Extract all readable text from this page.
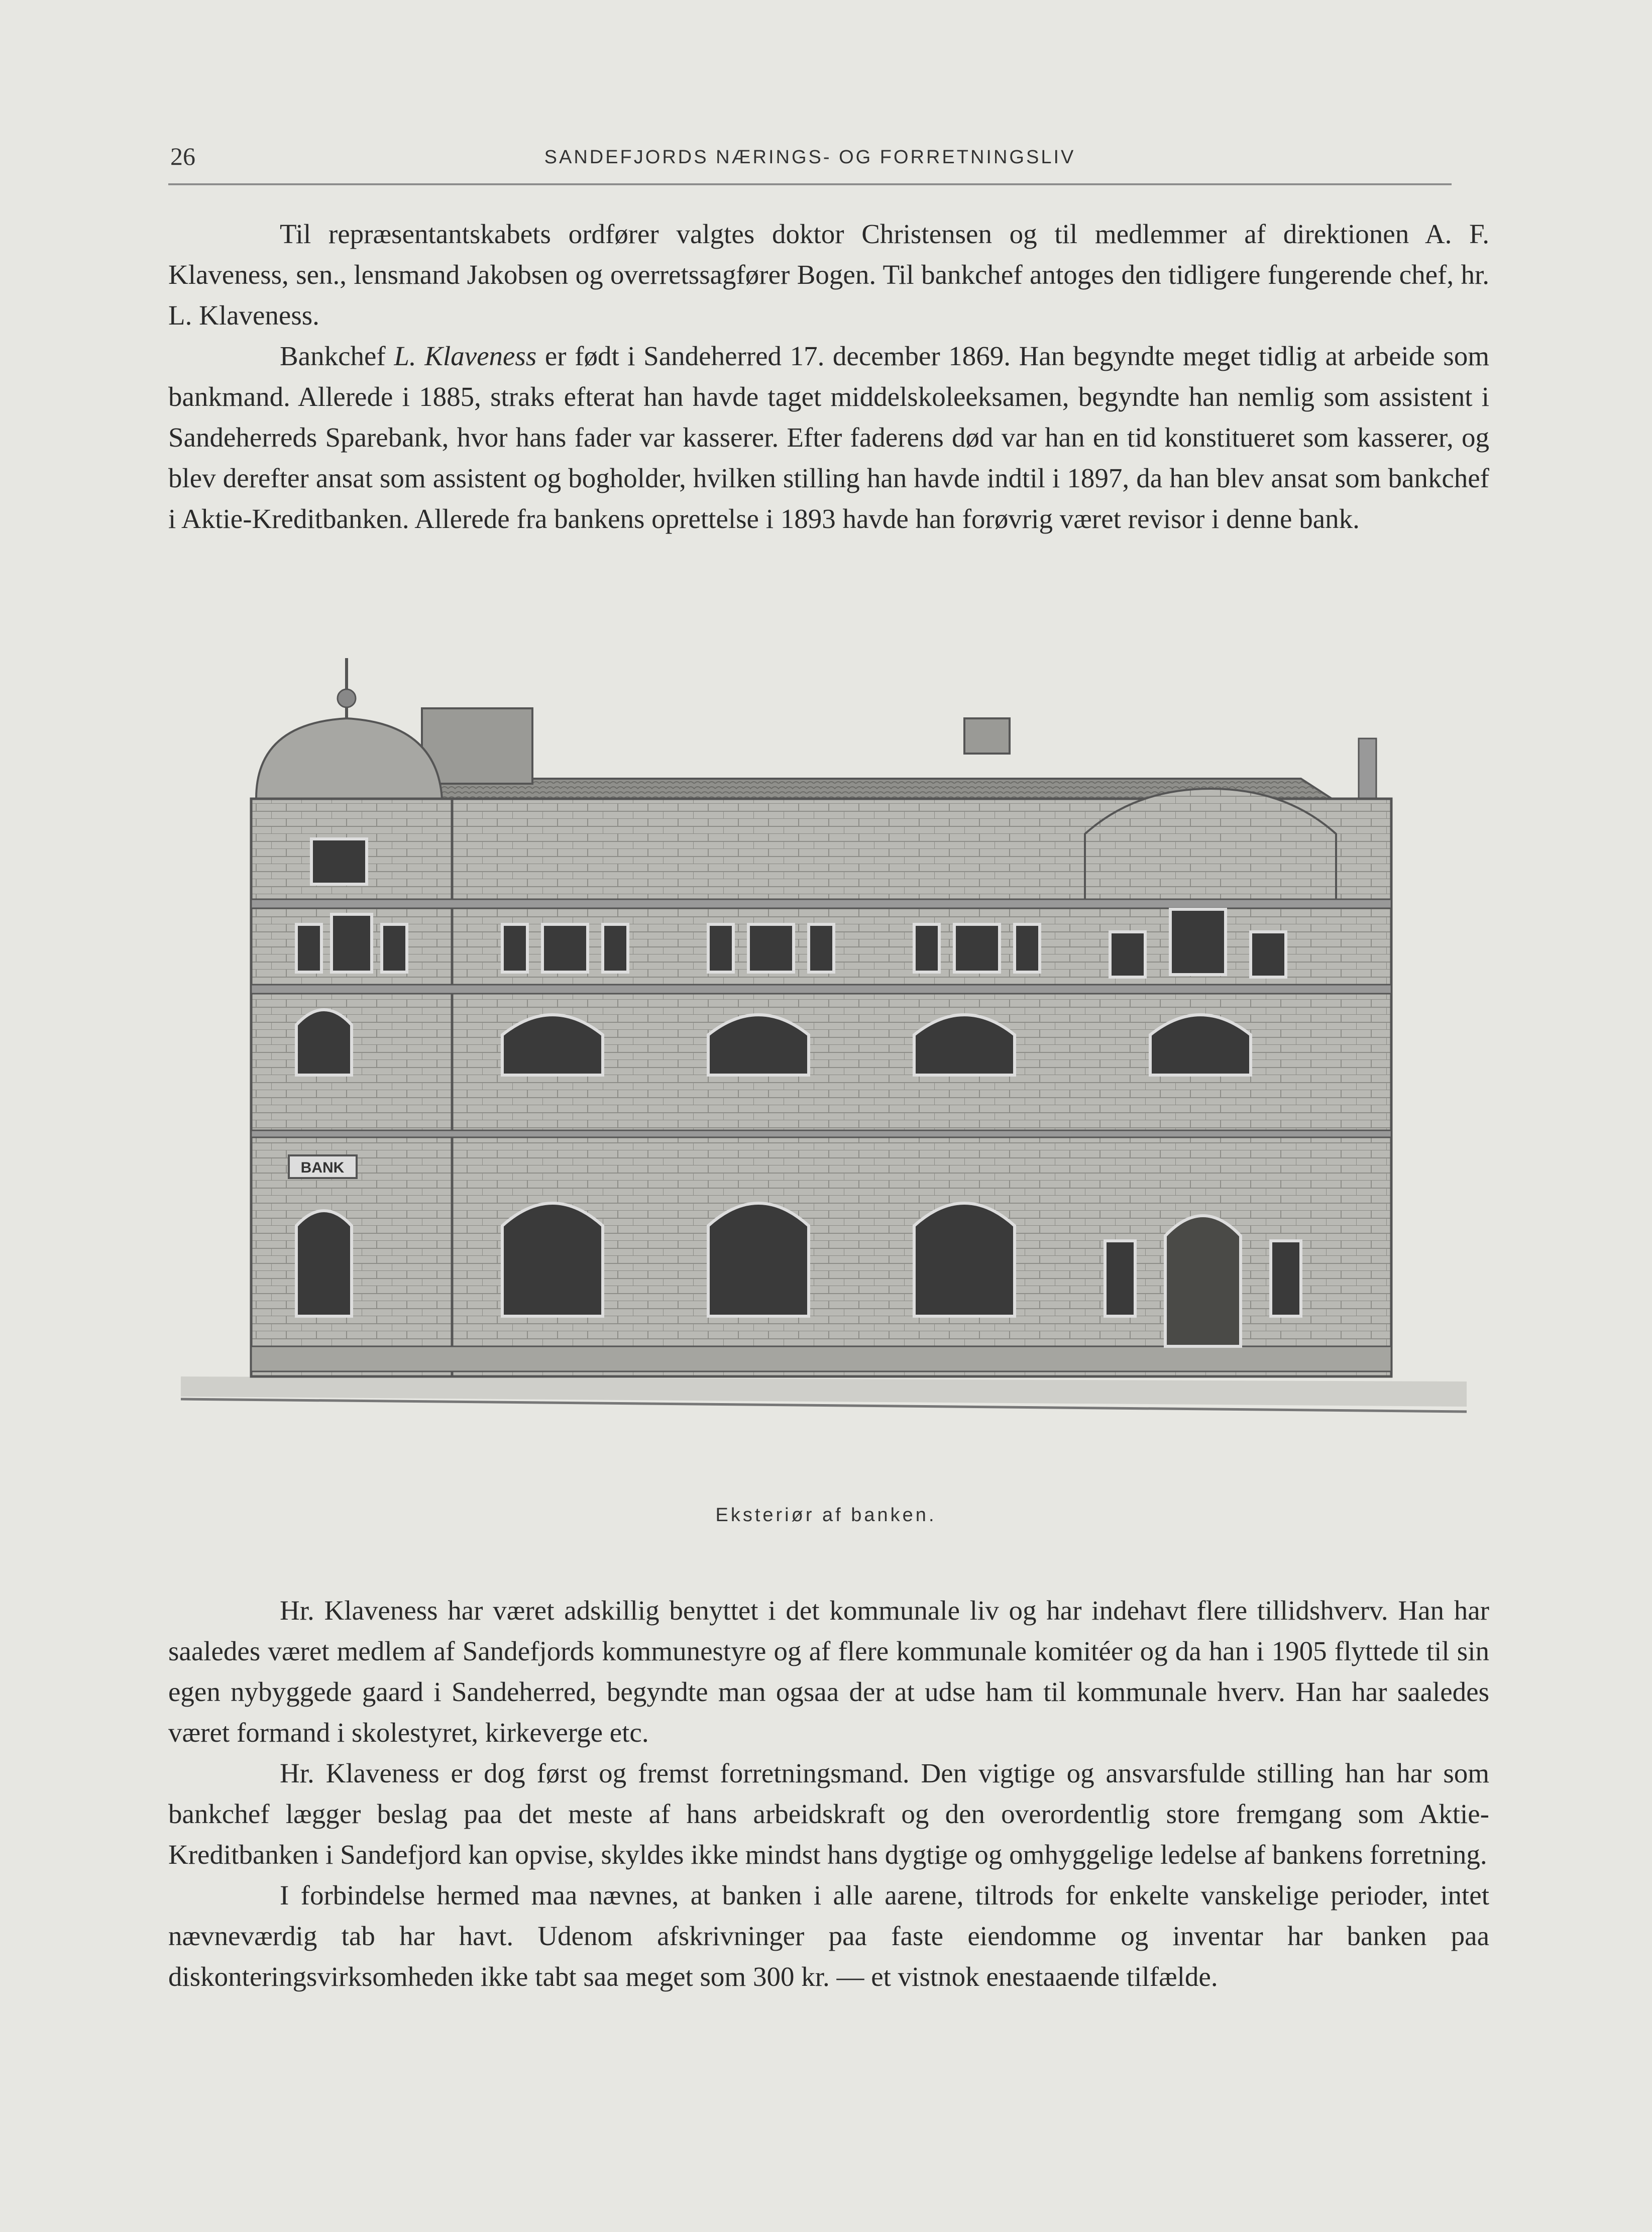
26	SANDEFJORDS NÆRINGS- OG FORRETNINGSLIV

Til repræsentantskabets ordfører valgtes doktor Christensen og til medlemmer af direktionen A. F. Klaveness, sen., lensmand Jakobsen og overretssagfører Bogen. Til bankchef antoges den tidligere fungerende chef, hr. L. Klaveness.

Bankchef L. Klaveness er født i Sandeherred 17. december 1869. Han begyndte meget tidlig at arbeide som bankmand. Allerede i 1885, straks efterat han havde taget middelskoleeksamen, begyndte han nemlig som assistent i Sandeherreds Sparebank, hvor hans fader var kasserer. Efter faderens død var han en tid konstitueret som kasserer, og blev derefter ansat som assistent og bogholder, hvilken stilling han havde indtil i 1897, da han blev ansat som bankchef i Aktie-Kreditbanken. Allerede fra bankens oprettelse i 1893 havde han forøvrig været revisor i denne bank.

BANK
Eksteriør af banken.

Hr. Klaveness har været adskillig benyttet i det kommunale liv og har indehavt flere tillidshverv. Han har saaledes været medlem af Sandefjords kommunestyre og af flere kommunale komitéer og da han i 1905 flyttede til sin egen nybyggede gaard i Sandeherred, begyndte man ogsaa der at udse ham til kommunale hverv. Han har saaledes været formand i skolestyret, kirkeverge etc.

Hr. Klaveness er dog først og fremst forretningsmand. Den vigtige og ansvarsfulde stilling han har som bankchef lægger beslag paa det meste af hans arbeidskraft og den overordentlig store fremgang som Aktie-Kreditbanken i Sandefjord kan opvise, skyldes ikke mindst hans dygtige og omhyggelige ledelse af bankens forretning.

I forbindelse hermed maa nævnes, at banken i alle aarene, tiltrods for enkelte vanskelige perioder, intet nævneværdig tab har havt. Udenom afskrivninger paa faste eiendomme og inventar har banken paa diskonteringsvirksomheden ikke tabt saa meget som 300 kr. — et vistnok enestaaende tilfælde.
